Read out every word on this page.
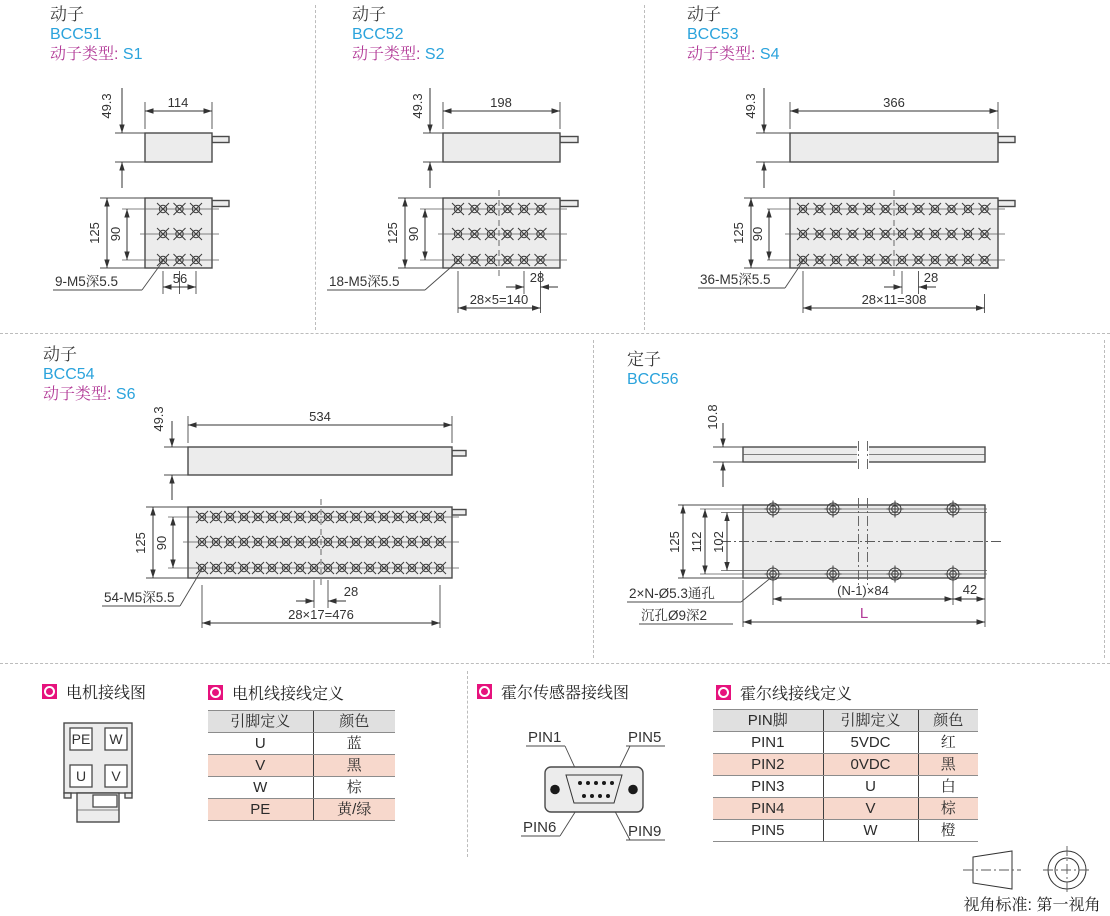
动子
BCC51
动子类型: S1
49.3	114
125 90
9-M5深5.5	56
动子
BCC52
动子类型: S2
49.3	198
125 90
18-M5深5.5	28
28×5=140
动子
BCC53
动子类型: S4
49.3	366
125 90
36-M5深5.5	28
28×11=308
动子
BCC54
动子类型: S6
49.3	534
125 90
54-M5深5.5	28
28×17=476
定子
BCC56
10.8
125 112 102
2×N-Ø5.3通孔
沉孔Ø9深2
(N-1)×84	42
L
电机接线图
PE W
U V
电机线接线定义
引脚定义	颜色
U	蓝
V	黑
W	棕
PE	黄/绿
霍尔传感器接线图
PIN1	PIN5
PIN6	PIN9
霍尔线接线定义
PIN脚	引脚定义	颜色
PIN1	5VDC	红
PIN2	0VDC	黑
PIN3	U	白
PIN4	V	棕
PIN5	W	橙
视角标准: 第一视角
